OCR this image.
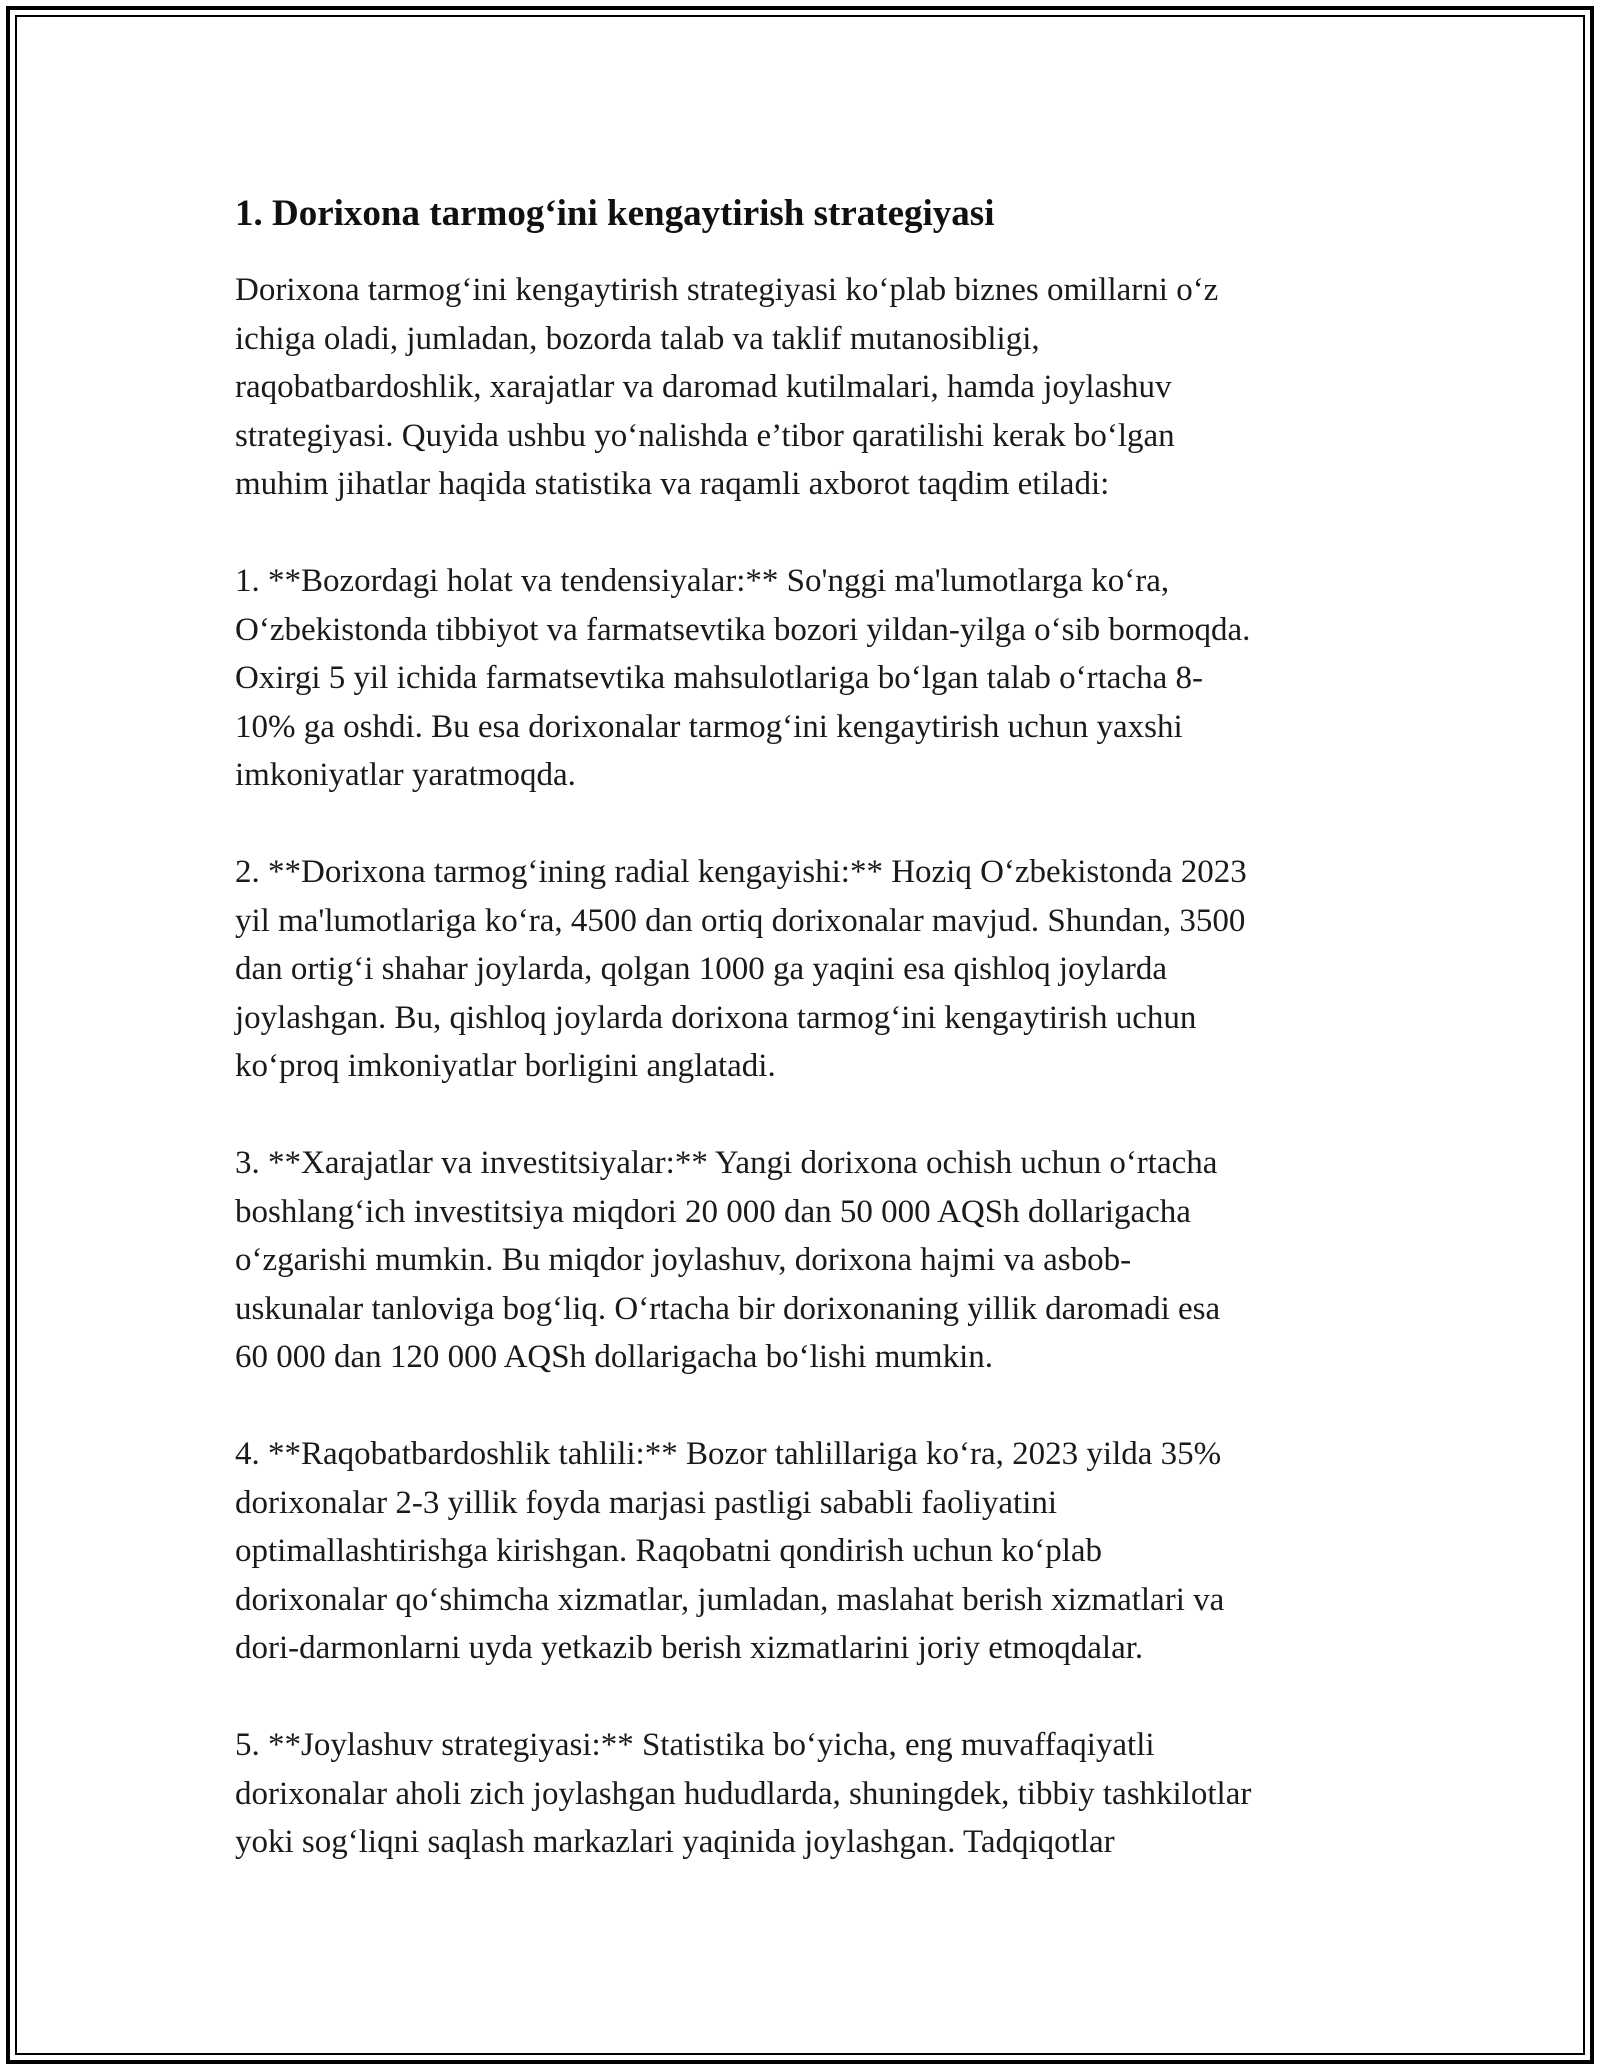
1. Dorixona tarmog‘ini kengaytirish strategiyasi

Dorixona tarmog‘ini kengaytirish strategiyasi ko‘plab biznes omillarni o‘z
ichiga oladi, jumladan, bozorda talab va taklif mutanosibligi,
raqobatbardoshlik, xarajatlar va daromad kutilmalari, hamda joylashuv
strategiyasi. Quyida ushbu yo‘nalishda e’tibor qaratilishi kerak bo‘lgan
muhim jihatlar haqida statistika va raqamli axborot taqdim etiladi:

1. **Bozordagi holat va tendensiyalar:** So'nggi ma'lumotlarga ko‘ra,
O‘zbekistonda tibbiyot va farmatsevtika bozori yildan-yilga o‘sib bormoqda.
Oxirgi 5 yil ichida farmatsevtika mahsulotlariga bo‘lgan talab o‘rtacha 8-
10% ga oshdi. Bu esa dorixonalar tarmog‘ini kengaytirish uchun yaxshi
imkoniyatlar yaratmoqda.

2. **Dorixona tarmog‘ining radial kengayishi:** Hoziq O‘zbekistonda 2023
yil ma'lumotlariga ko‘ra, 4500 dan ortiq dorixonalar mavjud. Shundan, 3500
dan ortig‘i shahar joylarda, qolgan 1000 ga yaqini esa qishloq joylarda
joylashgan. Bu, qishloq joylarda dorixona tarmog‘ini kengaytirish uchun
ko‘proq imkoniyatlar borligini anglatadi.

3. **Xarajatlar va investitsiyalar:** Yangi dorixona ochish uchun o‘rtacha
boshlang‘ich investitsiya miqdori 20 000 dan 50 000 AQSh dollarigacha
o‘zgarishi mumkin. Bu miqdor joylashuv, dorixona hajmi va asbob-
uskunalar tanloviga bog‘liq. O‘rtacha bir dorixonaning yillik daromadi esa
60 000 dan 120 000 AQSh dollarigacha bo‘lishi mumkin.

4. **Raqobatbardoshlik tahlili:** Bozor tahlillariga ko‘ra, 2023 yilda 35%
dorixonalar 2-3 yillik foyda marjasi pastligi sababli faoliyatini
optimallashtirishga kirishgan. Raqobatni qondirish uchun ko‘plab
dorixonalar qo‘shimcha xizmatlar, jumladan, maslahat berish xizmatlari va
dori-darmonlarni uyda yetkazib berish xizmatlarini joriy etmoqdalar.

5. **Joylashuv strategiyasi:** Statistika bo‘yicha, eng muvaffaqiyatli
dorixonalar aholi zich joylashgan hududlarda, shuningdek, tibbiy tashkilotlar
yoki sog‘liqni saqlash markazlari yaqinida joylashgan. Tadqiqotlar
